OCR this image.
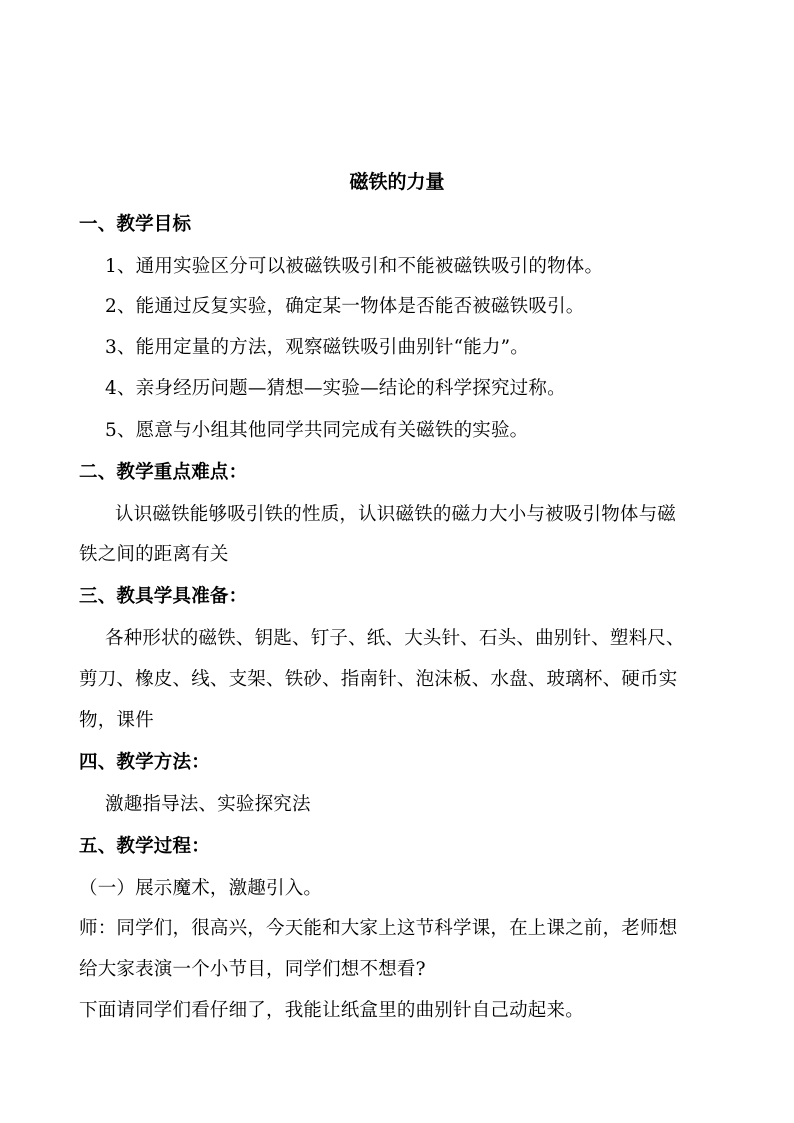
磁铁的力量
一、教学目标
1、通用实验区分可以被磁铁吸引和不能被磁铁吸引的物体。
2、能通过反复实验，确定某一物体是否能否被磁铁吸引。
3、能用定量的方法，观察磁铁吸引曲别针“能力”。
4、亲身经历问题—猜想—实验—结论的科学探究过称。
5、愿意与小组其他同学共同完成有关磁铁的实验。
二、教学重点难点：
认识磁铁能够吸引铁的性质，认识磁铁的磁力大小与被吸引物体与磁
铁之间的距离有关
三、教具学具准备：
各种形状的磁铁、钥匙、钉子、纸、大头针、石头、曲别针、塑料尺、
剪刀、橡皮、线、支架、铁砂、指南针、泡沫板、水盘、玻璃杯、硬币实
物，课件
四、教学方法：
激趣指导法、实验探究法
五、教学过程：
（一）展示魔术，激趣引入。
师：同学们，很高兴，今天能和大家上这节科学课，在上课之前，老师想
给大家表演一个小节目，同学们想不想看?
下面请同学们看仔细了，我能让纸盒里的曲别针自己动起来。
